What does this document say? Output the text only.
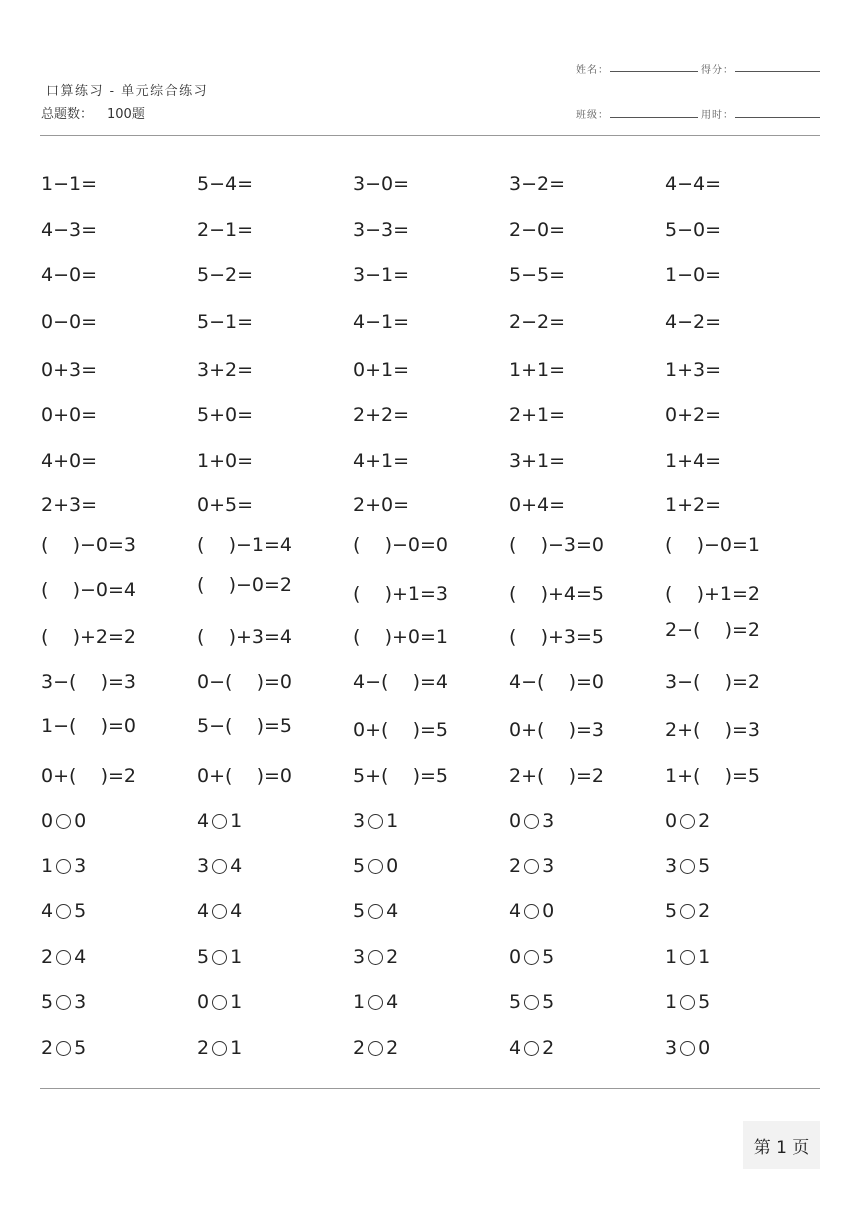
口算练习 - 单元综合练习
总题数： 100题
姓名：	得分：
班级：	用时：
1−1=	5−4=	3−0=	3−2=	4−4=
4−3=	2−1=	3−3=	2−0=	5−0=
4−0=	5−2=	3−1=	5−5=	1−0=
0−0=	5−1=	4−1=	2−2=	4−2=
0+3=	3+2=	0+1=	1+1=	1+3=
0+0=	5+0=	2+2=	2+1=	0+2=
4+0=	1+0=	4+1=	3+1=	1+4=
2+3=	0+5=	2+0=	0+4=	1+2=
(    )−0=3	(    )−1=4	(    )−0=0	(    )−3=0	(    )−0=1
(    )−0=4	(    )−0=2	(    )+1=3	(    )+4=5	(    )+1=2
(    )+2=2	(    )+3=4	(    )+0=1	(    )+3=5	2−(    )=2
3−(    )=3	0−(    )=0	4−(    )=4	4−(    )=0	3−(    )=2
1−(    )=0	5−(    )=5	0+(    )=5	0+(    )=3	2+(    )=3
0+(    )=2	0+(    )=0	5+(    )=5	2+(    )=2	1+(    )=5
0 0	4 1	3 1	0 3	0 2
1 3	3 4	5 0	2 3	3 5
4 5	4 4	5 4	4 0	5 2
2 4	5 1	3 2	0 5	1 1
5 3	0 1	1 4	5 5	1 5
2 5	2 1	2 2	4 2	3 0
第 1 页
